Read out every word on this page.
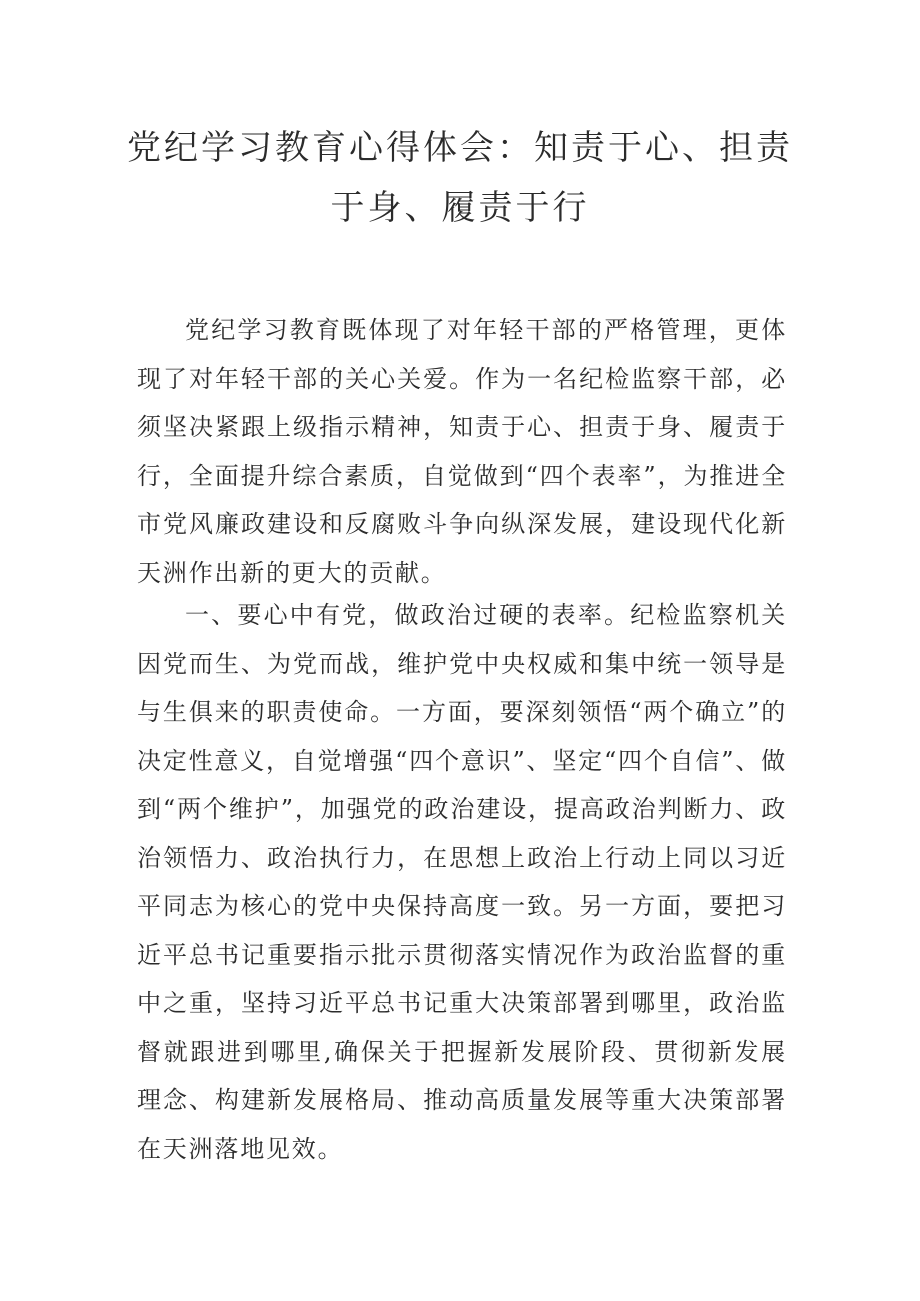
党纪学习教育心得体会：知责于心、担责于身、履责于行

党纪学习教育既体现了对年轻干部的严格管理，更体现了对年轻干部的关心关爱。作为一名纪检监察干部，必须坚决紧跟上级指示精神，知责于心、担责于身、履责于行，全面提升综合素质，自觉做到“四个表率”，为推进全市党风廉政建设和反腐败斗争向纵深发展，建设现代化新天洲作出新的更大的贡献。

一、要心中有党，做政治过硬的表率。纪检监察机关因党而生、为党而战，维护党中央权威和集中统一领导是与生俱来的职责使命。一方面，要深刻领悟“两个确立”的决定性意义，自觉增强“四个意识”、坚定“四个自信”、做到“两个维护”，加强党的政治建设，提高政治判断力、政治领悟力、政治执行力，在思想上政治上行动上同以习近平同志为核心的党中央保持高度一致。另一方面，要把习近平总书记重要指示批示贯彻落实情况作为政治监督的重中之重，坚持习近平总书记重大决策部署到哪里，政治监督就跟进到哪里,确保关于把握新发展阶段、贯彻新发展理念、构建新发展格局、推动高质量发展等重大决策部署在天洲落地见效。
